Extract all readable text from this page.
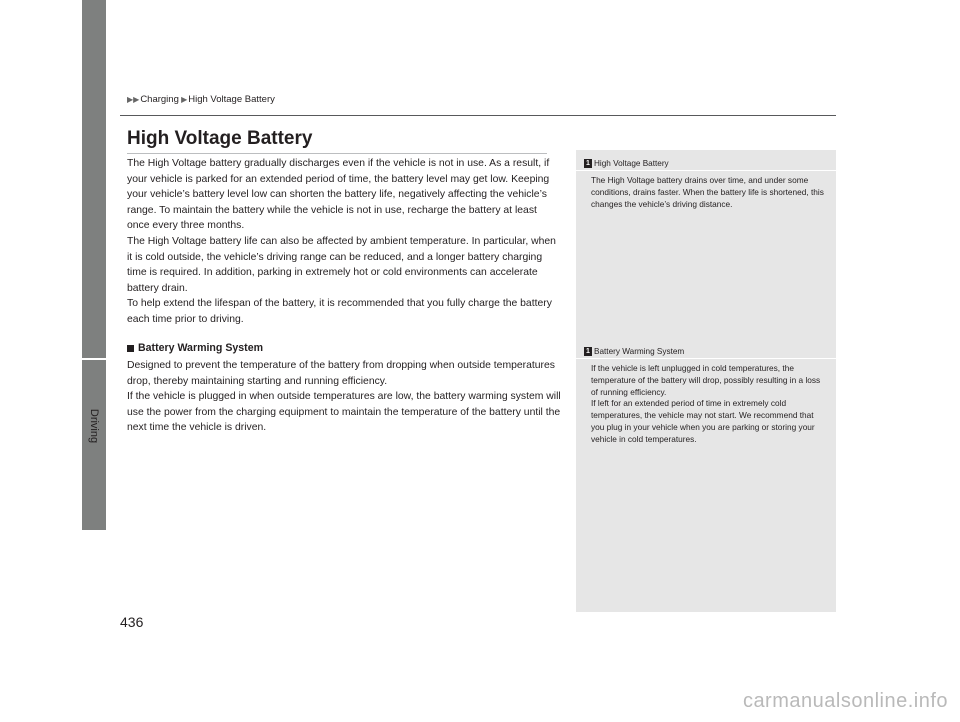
Driving
▶▶ Charging ▶ High Voltage Battery
High Voltage Battery

The High Voltage battery gradually discharges even if the vehicle is not in use. As a result, if your vehicle is parked for an extended period of time, the battery level may get low. Keeping your vehicle’s battery level low can shorten the battery life, negatively affecting the vehicle’s range. To maintain the battery while the vehicle is not in use, recharge the battery at least once every three months.

The High Voltage battery life can also be affected by ambient temperature. In particular, when it is cold outside, the vehicle’s driving range can be reduced, and a longer battery charging time is required. In addition, parking in extremely hot or cold environments can accelerate battery drain.

To help extend the lifespan of the battery, it is recommended that you fully charge the battery each time prior to driving.

Battery Warming System

Designed to prevent the temperature of the battery from dropping when outside temperatures drop, thereby maintaining starting and running efficiency.

If the vehicle is plugged in when outside temperatures are low, the battery warming system will use the power from the charging equipment to maintain the temperature of the battery until the next time the vehicle is driven.

1 High Voltage Battery

The High Voltage battery drains over time, and under some conditions, drains faster. When the battery life is shortened, this changes the vehicle’s driving distance.

1 Battery Warming System

If the vehicle is left unplugged in cold temperatures, the temperature of the battery will drop, possibly resulting in a loss of running efficiency.

If left for an extended period of time in extremely cold temperatures, the vehicle may not start. We recommend that you plug in your vehicle when you are parking or storing your vehicle in cold temperatures.

436
carmanualsonline.info
